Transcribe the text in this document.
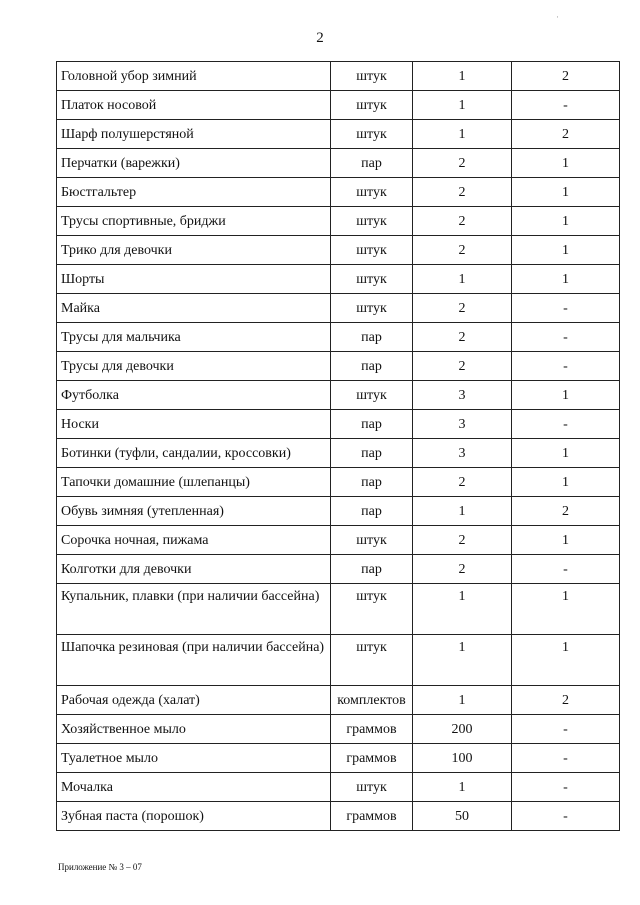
2
·
Головной убор зимний	штук	1	2
Платок носовой	штук	1	-
Шарф полушерстяной	штук	1	2
Перчатки (варежки)	пар	2	1
Бюстгальтер	штук	2	1
Трусы спортивные, бриджи	штук	2	1
Трико для девочки	штук	2	1
Шорты	штук	1	1
Майка	штук	2	-
Трусы для мальчика	пар	2	-
Трусы для девочки	пар	2	-
Футболка	штук	3	1
Носки	пар	3	-
Ботинки (туфли, сандалии, кроссовки)	пар	3	1
Тапочки домашние (шлепанцы)	пар	2	1
Обувь зимняя (утепленная)	пар	1	2
Сорочка ночная, пижама	штук	2	1
Колготки для девочки	пар	2	-
Купальник, плавки (при наличии бассейна)	штук	1	1
Шапочка резиновая (при наличии бассейна)	штук	1	1
Рабочая одежда (халат)	комплектов	1	2
Хозяйственное мыло	граммов	200	-
Туалетное мыло	граммов	100	-
Мочалка	штук	1	-
Зубная паста (порошок)	граммов	50	-
Приложение № 3 – 07
